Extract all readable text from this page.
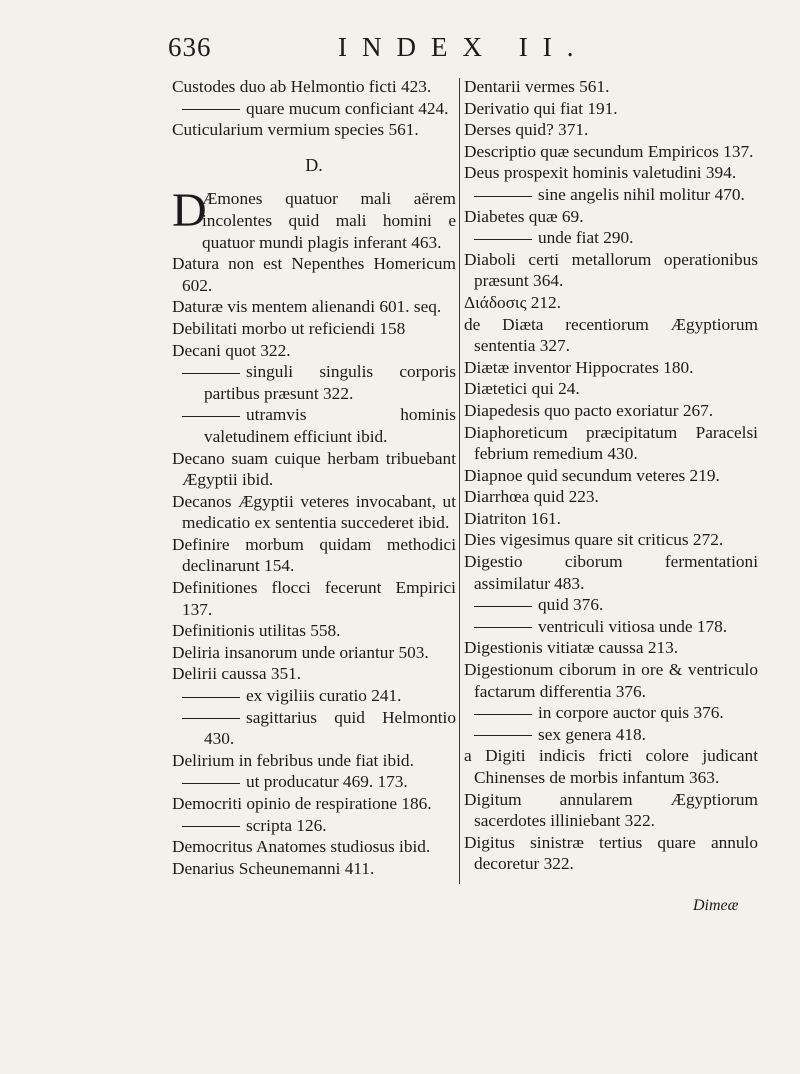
636	INDEX II.

Custodes duo ab Helmontio ficti 423.

quare mucum conficiant 424.

Cuticularium vermium species 561.

D.

D
Æmones quatuor mali aërem incolentes quid mali homini e quatuor mundi plagis inferant 463.

Datura non est Nepenthes Homericum 602.

Daturæ vis mentem alienandi 601. seq.

Debilitati morbo ut reficiendi 158

Decani quot 322.

singuli singulis corporis partibus præsunt 322.

utramvis hominis valetudinem efficiunt ibid.

Decano suam cuique herbam tribuebant Ægyptii ibid.

Decanos Ægyptii veteres invocabant, ut medicatio ex sententia succederet ibid.

Definire morbum quidam methodici declinarunt 154.

Definitiones flocci fecerunt Empirici 137.

Definitionis utilitas 558.

Deliria insanorum unde oriantur 503.

Delirii caussa 351.

ex vigiliis curatio 241.

sagittarius quid Helmontio 430.

Delirium in febribus unde fiat ibid.

ut producatur 469. 173.

Democriti opinio de respiratione 186.

scripta 126.

Democritus Anatomes studiosus ibid.

Denarius Scheunemanni 411.

Dentarii vermes 561.

Derivatio qui fiat 191.

Derses quid? 371.

Descriptio quæ secundum Empiricos 137.

Deus prospexit hominis valetudini 394.

sine angelis nihil molitur 470.

Diabetes quæ 69.

unde fiat 290.

Diaboli certi metallorum operationibus præsunt 364.

Διάδοσις 212.

de Diæta recentiorum Ægyptiorum sententia 327.

Diætæ inventor Hippocrates 180.

Diætetici qui 24.

Diapedesis quo pacto exoriatur 267.

Diaphoreticum præcipitatum Paracelsi febrium remedium 430.

Diapnoe quid secundum veteres 219.

Diarrhœa quid 223.

Diatriton 161.

Dies vigesimus quare sit criticus 272.

Digestio ciborum fermentationi assimilatur 483.

quid 376.

ventriculi vitiosa unde 178.

Digestionis vitiatæ caussa 213.

Digestionum ciborum in ore & ventriculo factarum differentia 376.

in corpore auctor quis 376.

sex genera 418.

a Digiti indicis fricti colore judicant Chinenses de morbis infantum 363.

Digitum annularem Ægyptiorum sacerdotes illiniebant 322.

Digitus sinistræ tertius quare annulo decoretur 322.

Dimeæ
